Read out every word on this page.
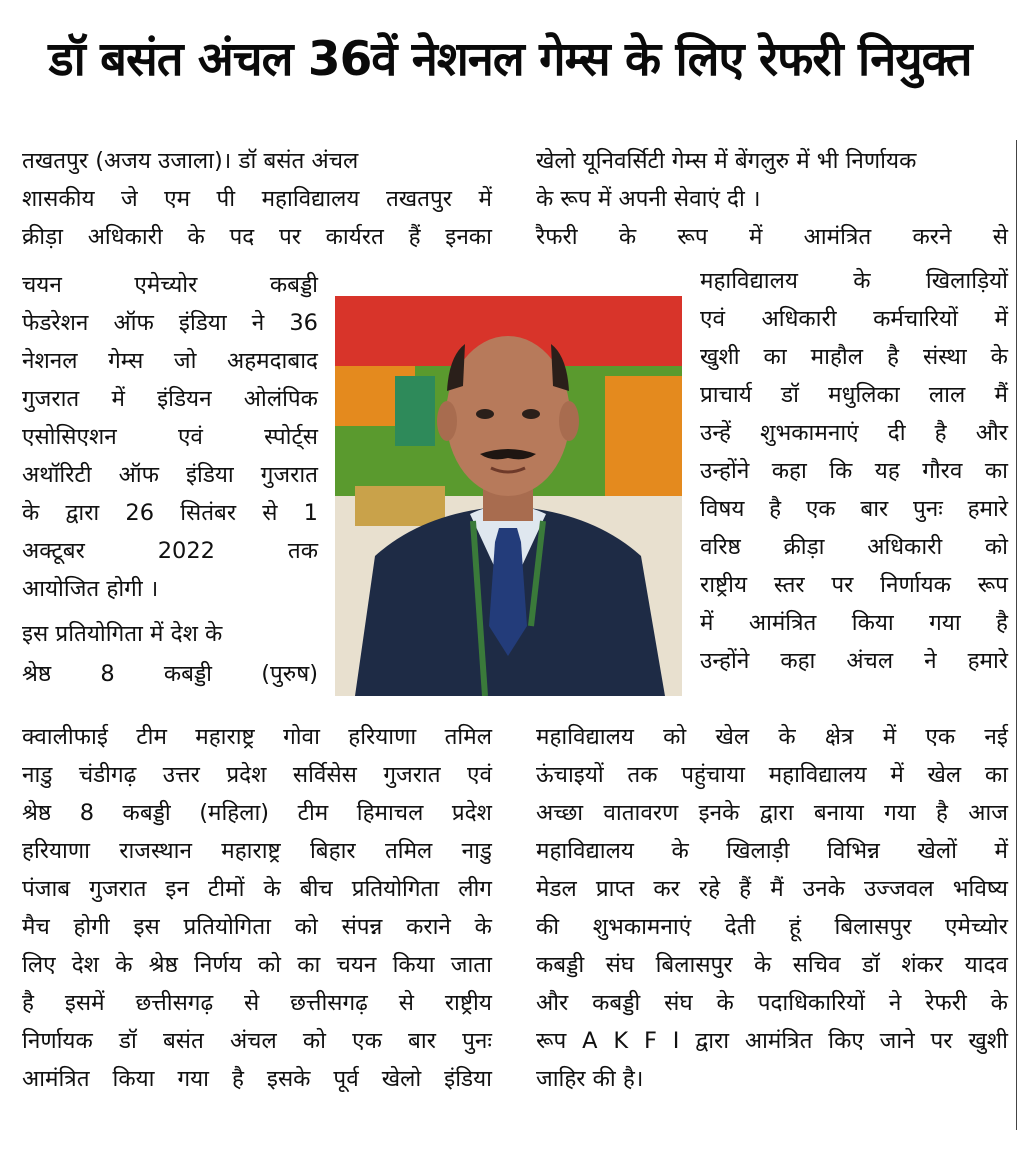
डॉ बसंत अंचल 36वें नेशनल गेम्स के लिए रेफरी नियुक्त
तखतपुर (अजय उजाला)। डॉ बसंत अंचल
शासकीय जे एम पी महाविद्यालय तखतपुर में
क्रीड़ा अधिकारी के पद पर कार्यरत हैं इनका
चयन	एमेच्योर	कबड्डी
फेडरेशन ऑफ इंडिया ने 36
नेशनल गेम्स जो अहमदाबाद
गुजरात में इंडियन ओलंपिक
एसोसिएशन	एवं	स्पोर्ट्स
अथॉरिटी ऑफ इंडिया गुजरात
के द्वारा 26 सितंबर से 1
अक्टूबर	2022	तक
आयोजित होगी ।
इस प्रतियोगिता में देश के
श्रेष्ठ 8 कबड्डी (पुरुष)
क्वालीफाई टीम महाराष्ट्र गोवा हरियाणा तमिल
नाडु चंडीगढ़ उत्तर प्रदेश सर्विसेस गुजरात एवं
श्रेष्ठ 8 कबड्डी (महिला) टीम हिमाचल प्रदेश
हरियाणा राजस्थान महाराष्ट्र बिहार तमिल नाडु
पंजाब गुजरात इन टीमों के बीच प्रतियोगिता लीग
मैच होगी इस प्रतियोगिता को संपन्न कराने के
लिए देश के श्रेष्ठ निर्णय को का चयन किया जाता
है इसमें छत्तीसगढ़ से छत्तीसगढ़ से राष्ट्रीय
निर्णायक डॉ बसंत अंचल को एक बार पुनः
आमंत्रित किया गया है इसके पूर्व खेलो इंडिया
खेलो यूनिवर्सिटी गेम्स में बेंगलुरु में भी निर्णायक
के रूप में अपनी सेवाएं दी ।
रैफरी के रूप में आमंत्रित करने से
महाविद्यालय के खिलाड़ियों
एवं अधिकारी कर्मचारियों में
खुशी का माहौल है संस्था के
प्राचार्य डॉ मधुलिका लाल मैं
उन्हें शुभकामनाएं दी है और
उन्होंने कहा कि यह गौरव का
विषय है एक बार पुनः हमारे
वरिष्ठ क्रीड़ा अधिकारी को
राष्ट्रीय स्तर पर निर्णायक रूप
में आमंत्रित किया गया है
उन्होंने कहा अंचल ने हमारे
महाविद्यालय को खेल के क्षेत्र में एक नई
ऊंचाइयों तक पहुंचाया महाविद्यालय में खेल का
अच्छा वातावरण इनके द्वारा बनाया गया है आज
महाविद्यालय के खिलाड़ी विभिन्न खेलों में
मेडल प्राप्त कर रहे हैं मैं उनके उज्जवल भविष्य
की शुभकामनाएं देती हूं बिलासपुर एमेच्योर
कबड्डी संघ बिलासपुर के सचिव डॉ शंकर यादव
और कबड्डी संघ के पदाधिकारियों ने रेफरी के
रूप A K F I द्वारा आमंत्रित किए जाने पर खुशी
जाहिर की है।
